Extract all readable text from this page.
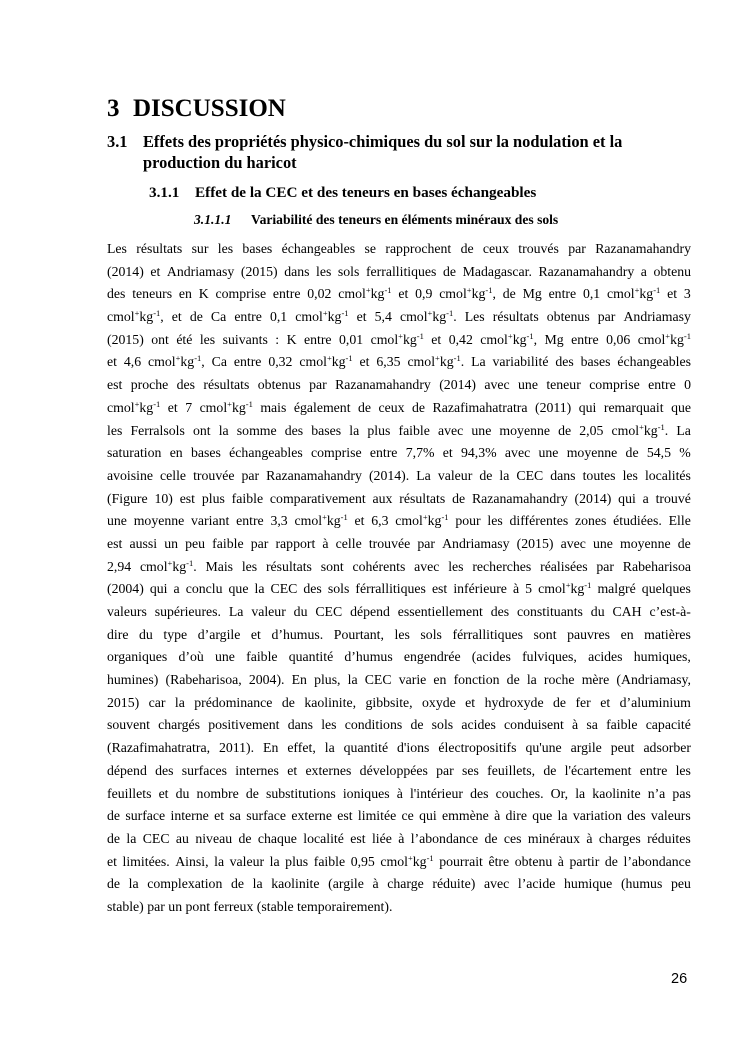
3 DISCUSSION
3.1 Effets des propriétés physico-chimiques du sol sur la nodulation et la production du haricot
3.1.1 Effet de la CEC et des teneurs en bases échangeables
3.1.1.1 Variabilité des teneurs en éléments minéraux des sols
Les résultats sur les bases échangeables se rapprochent de ceux trouvés par Razanamahandry
(2014) et Andriamasy (2015) dans les sols ferrallitiques de Madagascar. Razanamahandry a obtenu
des teneurs en K comprise entre 0,02 $cmol^+kg^{-1}$ et 0,9 $cmol^+kg^{-1}$, de Mg entre 0,1 $cmol^+kg^{-1}$ et 3
$cmol^+kg^{-1}$, et de Ca entre 0,1 $cmol^+kg^{-1}$ et 5,4 $cmol^+kg^{-1}$. Les résultats obtenus par Andriamasy
(2015) ont été les suivants : K entre 0,01 $cmol^+kg^{-1}$ et 0,42 $cmol^+kg^{-1}$, Mg entre 0,06 $cmol^+kg^{-1}$
et 4,6 $cmol^+kg^{-1}$, Ca entre 0,32 $cmol^+kg^{-1}$ et 6,35 $cmol^+kg^{-1}$. La variabilité des bases échangeables
est proche des résultats obtenus par Razanamahandry (2014) avec une teneur comprise entre 0
$cmol^+kg^{-1}$ et 7 $cmol^+kg^{-1}$ mais également de ceux de Razafimahatratra (2011) qui remarquait que
les Ferralsols ont la somme des bases la plus faible avec une moyenne de 2,05 $cmol^+kg^{-1}$. La
saturation en bases échangeables comprise entre 7,7% et 94,3% avec une moyenne de 54,5 %
avoisine celle trouvée par Razanamahandry (2014). La valeur de la CEC dans toutes les localités
(Figure 10) est plus faible comparativement aux résultats de Razanamahandry (2014) qui a trouvé
une moyenne variant entre 3,3 $cmol^+kg^{-1}$ et 6,3 $cmol^+kg^{-1}$ pour les différentes zones étudiées. Elle
est aussi un peu faible par rapport à celle trouvée par Andriamasy (2015) avec une moyenne de
2,94 $cmol^+kg^{-1}$. Mais les résultats sont cohérents avec les recherches réalisées par Rabeharisoa
(2004) qui a conclu que la CEC des sols férrallitiques est inférieure à 5 $cmol^+kg^{-1}$ malgré quelques
valeurs supérieures. La valeur du CEC dépend essentiellement des constituants du CAH c’est-à-
dire du type d’argile et d’humus. Pourtant, les sols férrallitiques sont pauvres en matières
organiques d’où une faible quantité d’humus engendrée (acides fulviques, acides humiques,
humines) (Rabeharisoa, 2004). En plus, la CEC varie en fonction de la roche mère (Andriamasy,
2015) car la prédominance de kaolinite, gibbsite, oxyde et hydroxyde de fer et d’aluminium
souvent chargés positivement dans les conditions de sols acides conduisent à sa faible capacité
(Razafimahatratra, 2011). En effet, la quantité d'ions électropositifs qu'une argile peut adsorber
dépend des surfaces internes et externes développées par ses feuillets, de l'écartement entre les
feuillets et du nombre de substitutions ioniques à l'intérieur des couches. Or, la kaolinite n’a pas
de surface interne et sa surface externe est limitée ce qui emmène à dire que la variation des valeurs
de la CEC au niveau de chaque localité est liée à l’abondance de ces minéraux à charges réduites
et limitées. Ainsi, la valeur la plus faible 0,95 $cmol^+kg^{-1}$ pourrait être obtenu à partir de l’abondance
de la complexation de la kaolinite (argile à charge réduite) avec l’acide humique (humus peu
stable) par un pont ferreux (stable temporairement).
26
